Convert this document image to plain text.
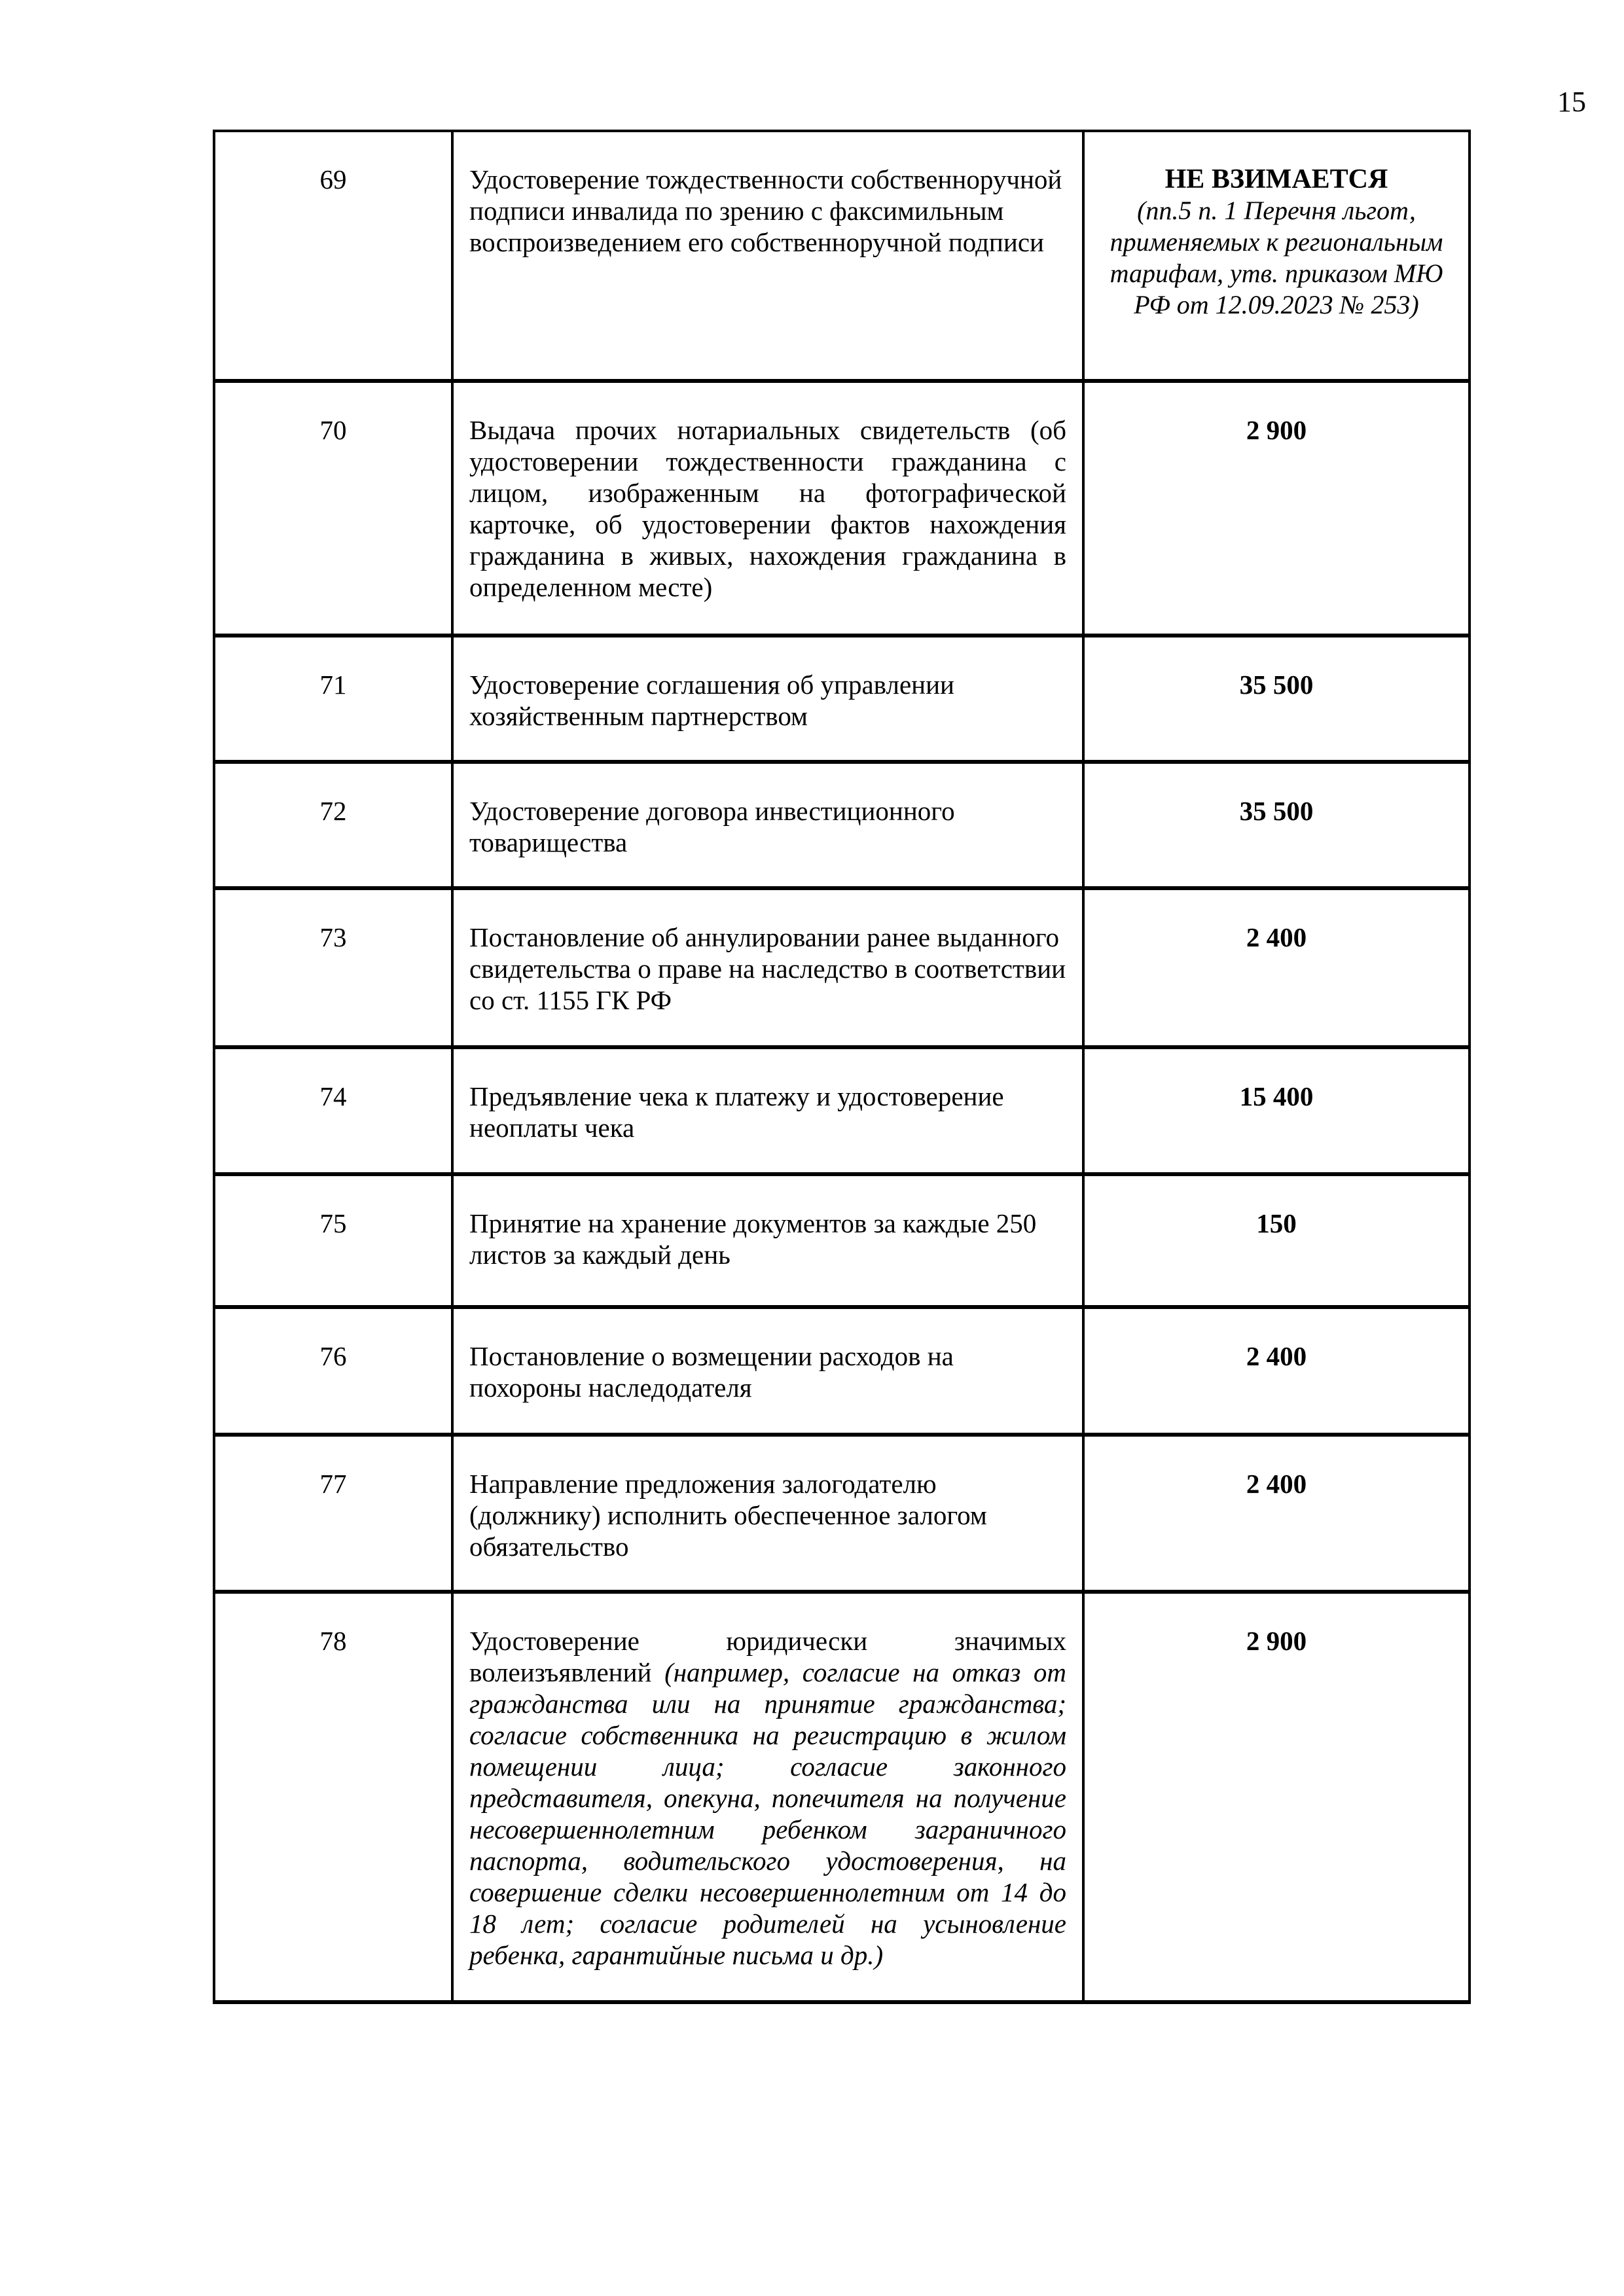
15
69	Удостоверение тождественности собственноручной подписи инвалида по зрению с факсимильным воспроизведением его собственноручной подписи	НЕ ВЗИМАЕТСЯ
(пп.5 п. 1 Перечня льгот, применяемых к региональным тарифам, утв. приказом МЮ РФ от 12.09.2023 № 253)

70	Выдача прочих нотариальных свидетельств (об удостоверении тождественности гражданина с лицом, изображенным на фотографической карточке, об удостоверении фактов нахождения гражданина в живых, нахождения гражданина в определенном месте)	2 900
71	Удостоверение соглашения об управлении хозяйственным партнерством	35 500
72	Удостоверение договора инвестиционного товарищества	35 500
73	Постановление об аннулировании ранее выданного свидетельства о праве на наследство в соответствии со ст. 1155 ГК РФ	2 400
74	Предъявление чека к платежу и удостоверение неоплаты чека	15 400
75	Принятие на хранение документов за каждые 250 листов за каждый день	150
76	Постановление о возмещении расходов на похороны наследодателя	2 400
77	Направление предложения залогодателю (должнику) исполнить обеспеченное залогом обязательство	2 400
78	Удостоверение юридически значимых волеизъявлений (например, согласие на отказ от гражданства или на принятие гражданства; согласие собственника на регистрацию в жилом помещении лица; согласие законного представителя, опекуна, попечителя на получение несовершеннолетним ребенком заграничного паспорта, водительского удостоверения, на совершение сделки несовершеннолетним от 14 до 18 лет; согласие родителей на усыновление ребенка, гарантийные письма и др.)	2 900
